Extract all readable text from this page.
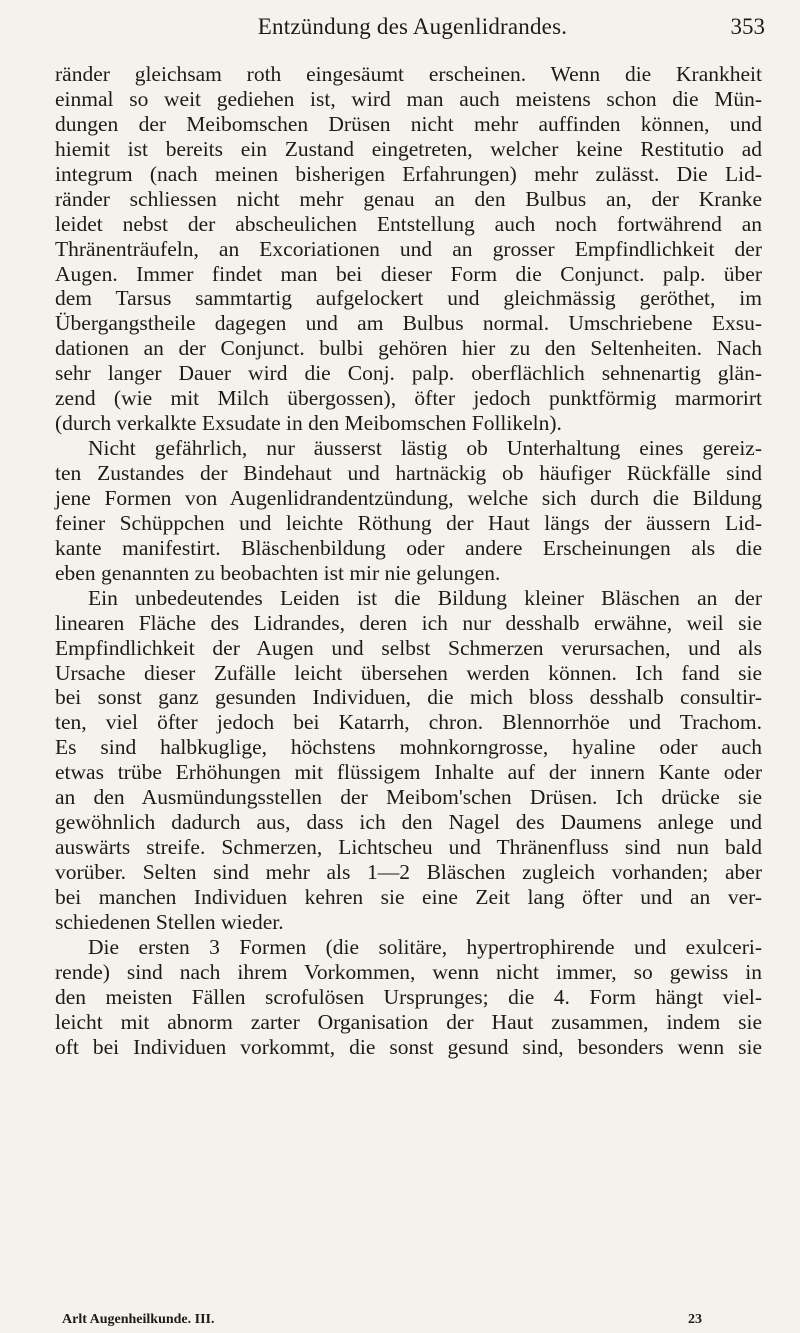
Entzündung des Augenlidrandes.	353
ränder gleichsam roth eingesäumt erscheinen. Wenn die Krankheit
einmal so weit gediehen ist, wird man auch meistens schon die Mün-
dungen der Meibomschen Drüsen nicht mehr auffinden können, und
hiemit ist bereits ein Zustand eingetreten, welcher keine Restitutio ad
integrum (nach meinen bisherigen Erfahrungen) mehr zulässt. Die Lid-
ränder schliessen nicht mehr genau an den Bulbus an, der Kranke
leidet nebst der abscheulichen Entstellung auch noch fortwährend an
Thränenträufeln, an Excoriationen und an grosser Empfindlichkeit der
Augen. Immer findet man bei dieser Form die Conjunct. palp. über
dem Tarsus sammtartig aufgelockert und gleichmässig geröthet, im
Übergangstheile dagegen und am Bulbus normal. Umschriebene Exsu-
dationen an der Conjunct. bulbi gehören hier zu den Seltenheiten. Nach
sehr langer Dauer wird die Conj. palp. oberflächlich sehnenartig glän-
zend (wie mit Milch übergossen), öfter jedoch punktförmig marmorirt
(durch verkalkte Exsudate in den Meibomschen Follikeln).
Nicht gefährlich, nur äusserst lästig ob Unterhaltung eines gereiz-
ten Zustandes der Bindehaut und hartnäckig ob häufiger Rückfälle sind
jene Formen von Augenlidrandentzündung, welche sich durch die Bildung
feiner Schüppchen und leichte Röthung der Haut längs der äussern Lid-
kante manifestirt. Bläschenbildung oder andere Erscheinungen als die
eben genannten zu beobachten ist mir nie gelungen.
Ein unbedeutendes Leiden ist die Bildung kleiner Bläschen an der
linearen Fläche des Lidrandes, deren ich nur desshalb erwähne, weil sie
Empfindlichkeit der Augen und selbst Schmerzen verursachen, und als
Ursache dieser Zufälle leicht übersehen werden können. Ich fand sie
bei sonst ganz gesunden Individuen, die mich bloss desshalb consultir-
ten, viel öfter jedoch bei Katarrh, chron. Blennorrhöe und Trachom.
Es sind halbkuglige, höchstens mohnkorngrosse, hyaline oder auch
etwas trübe Erhöhungen mit flüssigem Inhalte auf der innern Kante oder
an den Ausmündungsstellen der Meibom'schen Drüsen. Ich drücke sie
gewöhnlich dadurch aus, dass ich den Nagel des Daumens anlege und
auswärts streife. Schmerzen, Lichtscheu und Thränenfluss sind nun bald
vorüber. Selten sind mehr als 1—2 Bläschen zugleich vorhanden; aber
bei manchen Individuen kehren sie eine Zeit lang öfter und an ver-
schiedenen Stellen wieder.
Die ersten 3 Formen (die solitäre, hypertrophirende und exulceri-
rende) sind nach ihrem Vorkommen, wenn nicht immer, so gewiss in
den meisten Fällen scrofulösen Ursprunges; die 4. Form hängt viel-
leicht mit abnorm zarter Organisation der Haut zusammen, indem sie
oft bei Individuen vorkommt, die sonst gesund sind, besonders wenn sie
Arlt Augenheilkunde. III.	23
